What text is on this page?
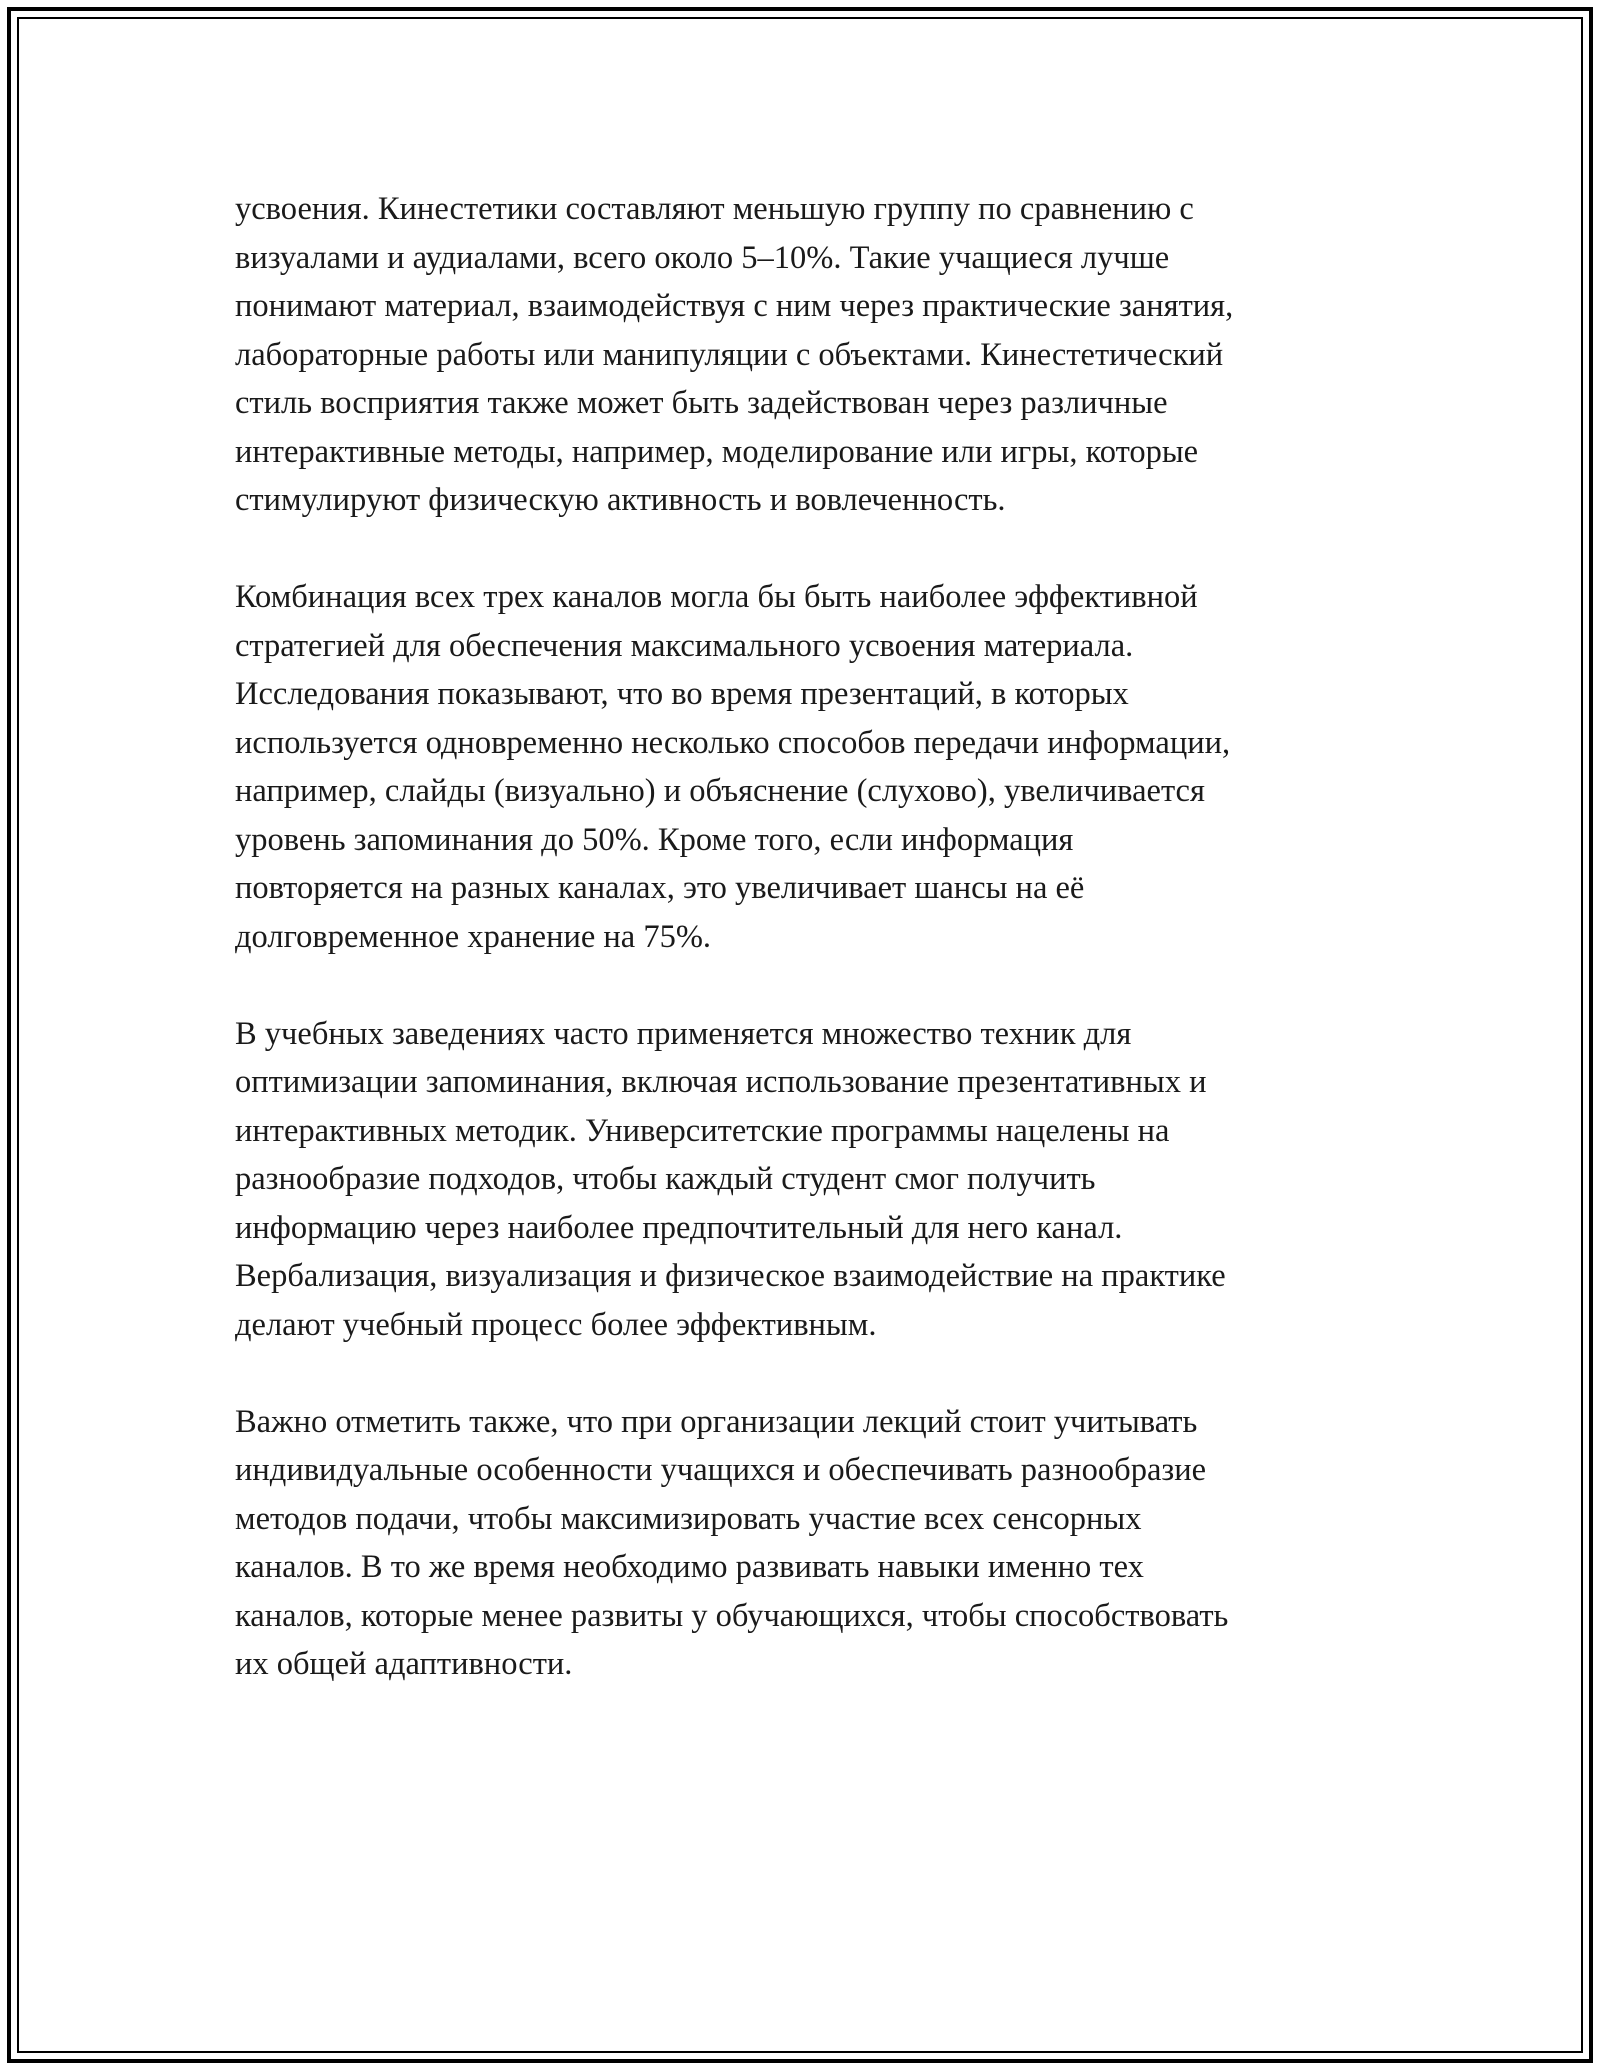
усвоения. Кинестетики составляют меньшую группу по сравнению с
визуалами и аудиалами, всего около 5–10%. Такие учащиеся лучше
понимают материал, взаимодействуя с ним через практические занятия,
лабораторные работы или манипуляции с объектами. Кинестетический
стиль восприятия также может быть задействован через различные
интерактивные методы, например, моделирование или игры, которые
стимулируют физическую активность и вовлеченность.

Комбинация всех трех каналов могла бы быть наиболее эффективной
стратегией для обеспечения максимального усвоения материала.
Исследования показывают, что во время презентаций, в которых
используется одновременно несколько способов передачи информации,
например, слайды (визуально) и объяснение (слухово), увеличивается
уровень запоминания до 50%. Кроме того, если информация
повторяется на разных каналах, это увеличивает шансы на её
долговременное хранение на 75%.

В учебных заведениях часто применяется множество техник для
оптимизации запоминания, включая использование презентативных и
интерактивных методик. Университетские программы нацелены на
разнообразие подходов, чтобы каждый студент смог получить
информацию через наиболее предпочтительный для него канал.
Вербализация, визуализация и физическое взаимодействие на практике
делают учебный процесс более эффективным.

Важно отметить также, что при организации лекций стоит учитывать
индивидуальные особенности учащихся и обеспечивать разнообразие
методов подачи, чтобы максимизировать участие всех сенсорных
каналов. В то же время необходимо развивать навыки именно тех
каналов, которые менее развиты у обучающихся, чтобы способствовать
их общей адаптивности.
